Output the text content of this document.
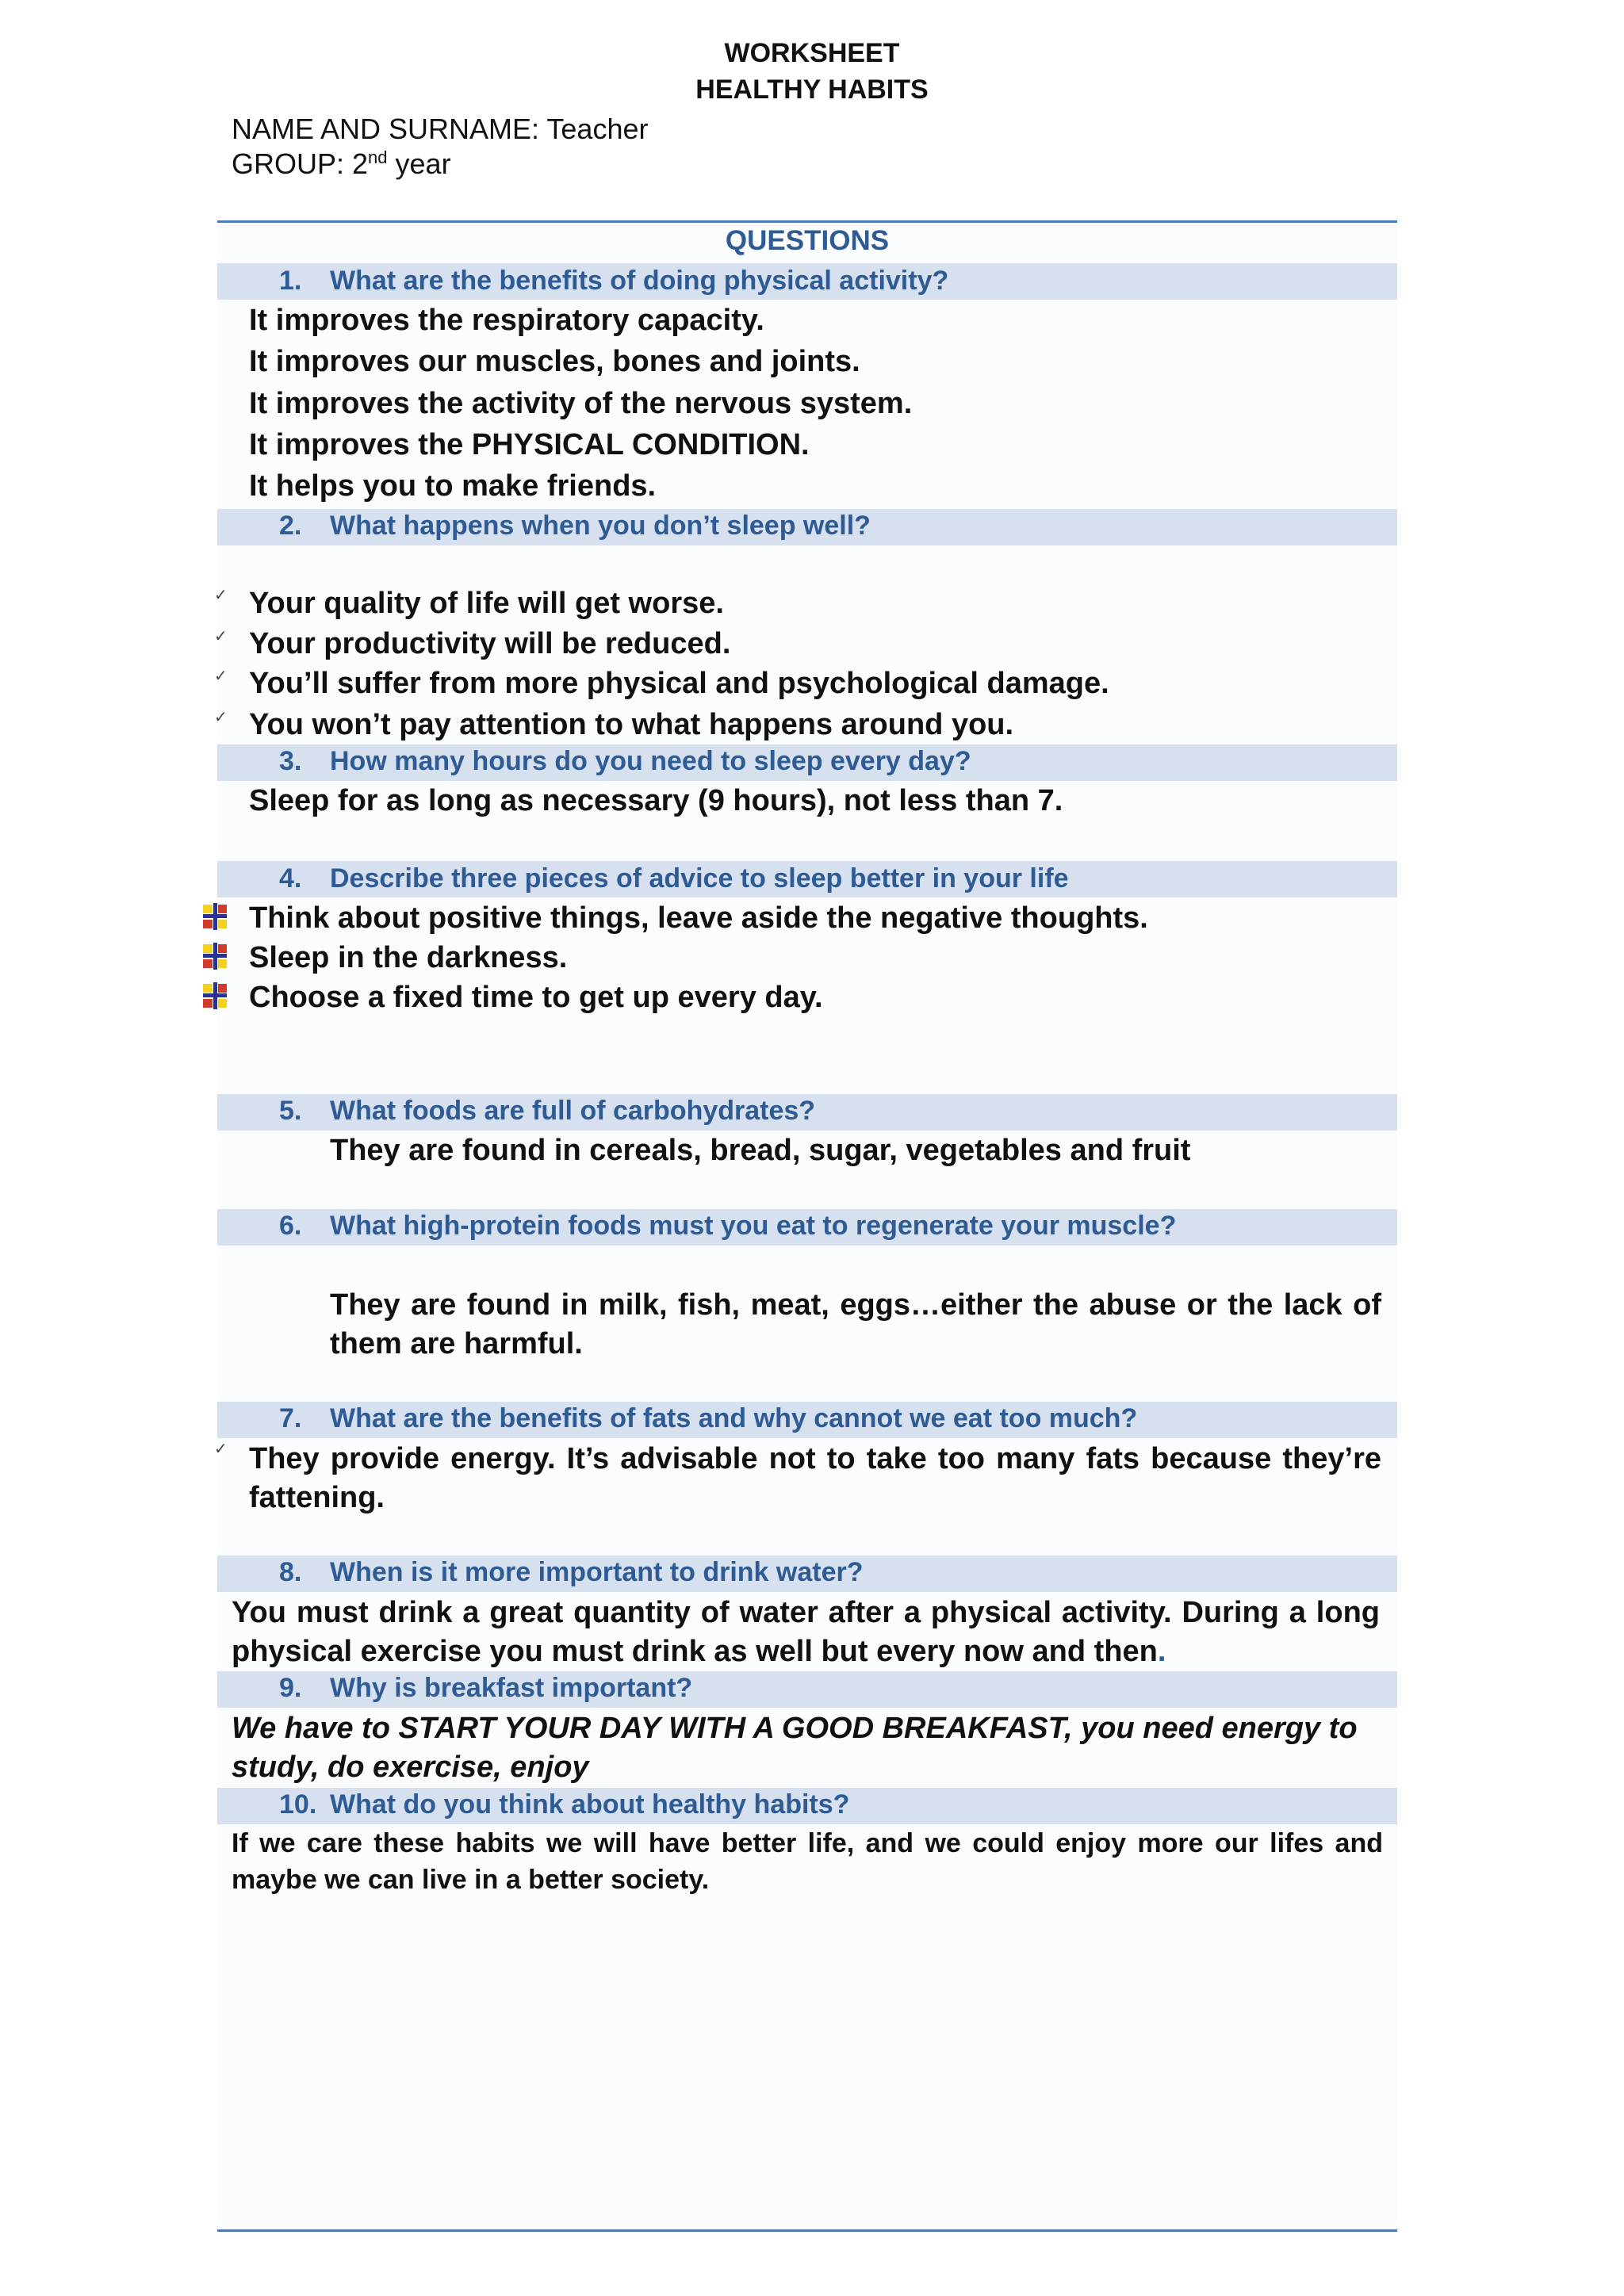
WORKSHEET
HEALTHY HABITS
NAME AND SURNAME: Teacher
GROUP: 2nd year
QUESTIONS
1. What are the benefits of doing physical activity?
It improves the respiratory capacity.
It improves our muscles, bones and joints.
It improves the activity of the nervous system.
It improves the PHYSICAL CONDITION.
It helps you to make friends.
2. What happens when you don’t sleep well?
✓ Your quality of life will get worse.
✓ Your productivity will be reduced.
✓ You’ll suffer from more physical and psychological damage.
✓ You won’t pay attention to what happens around you.
3. How many hours do you need to sleep every day?
Sleep for as long as necessary (9 hours), not less than 7.
4. Describe three pieces of advice to sleep better in your life
Think about positive things, leave aside the negative thoughts.
Sleep in the darkness.
Choose a fixed time to get up every day.
5. What foods are full of carbohydrates?
They are found in cereals, bread, sugar, vegetables and fruit
6. What high-protein foods must you eat to regenerate your muscle?
They are found in milk, fish, meat, eggs…either the abuse or the lack of them are harmful.
7. What are the benefits of fats and why cannot we eat too much?
✓ They provide energy. It’s advisable not to take too many fats because they’re fattening.
8. When is it more important to drink water?
You must drink a great quantity of water after a physical activity. During a long physical exercise you must drink as well but every now and then.
9. Why is breakfast important?
We have to START YOUR DAY WITH A GOOD BREAKFAST, you need energy to study, do exercise, enjoy
10. What do you think about healthy habits?
If we care these habits we will have better life, and we could enjoy more our lifes and maybe we can live in a better society.
